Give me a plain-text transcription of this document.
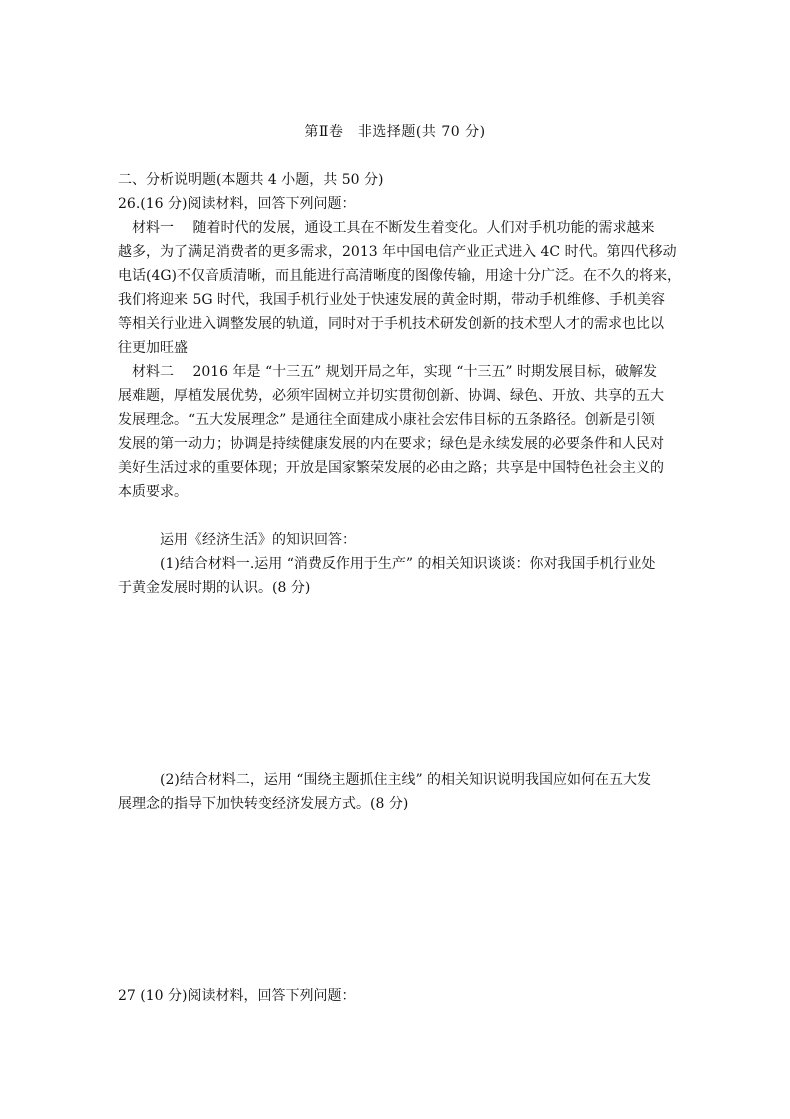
第Ⅱ卷　非选择题(共 70 分)
二、分析说明题(本题共 4 小题，共 50 分)
26.(16 分)阅读材料，回答下列问题：
　材料一　 随着时代的发展，通设工具在不断发生着变化。人们对手机功能的需求越来
越多，为了满足消费者的更多需求，2013 年中国电信产业正式进入 4C 时代。第四代移动
电话(4G)不仅音质清晰，而且能进行高清晰度的图像传输，用途十分广泛。在不久的将来，
我们将迎来 5G 时代，我国手机行业处于快速发展的黄金时期，带动手机维修、手机美容
等相关行业进入调整发展的轨道，同时对于手机技术研发创新的技术型人才的需求也比以
往更加旺盛
　材料二　 2016 年是 “十三五” 规划开局之年，实现 “十三五” 时期发展目标，破解发
展难题，厚植发展优势，必须牢固树立并切实贯彻创新、协调、绿色、开放、共享的五大
发展理念。“五大发展理念” 是通往全面建成小康社会宏伟目标的五条路径。创新是引领
发展的第一动力；协调是持续健康发展的内在要求；绿色是永续发展的必要条件和人民对
美好生活过求的重要体现；开放是国家繁荣发展的必由之路；共享是中国特色社会主义的
本质要求。
运用《经济生活》的知识回答：
(1)结合材料一.运用 “消费反作用于生产” 的相关知识谈谈：你对我国手机行业处
于黄金发展时期的认识。(8 分)
(2)结合材料二，运用 “围绕主题抓住主线” 的相关知识说明我国应如何在五大发
展理念的指导下加快转变经济发展方式。(8 分)
27 (10 分)阅读材料，回答下列问题：
